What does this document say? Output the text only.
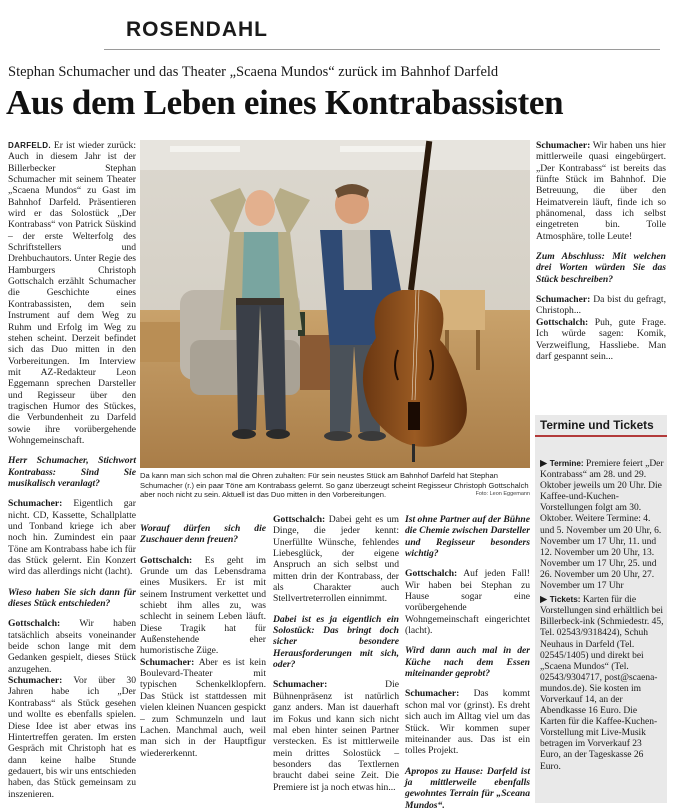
ROSENDAHL
Stephan Schumacher und das Theater „Scaena Mundos“ zurück im Bahnhof Darfeld
Aus dem Leben eines Kontrabassisten

DARFELD. Er ist wieder zurück: Auch in diesem Jahr ist der Billerbecker Stephan Schumacher mit seinem Theater „Scaena Mundos“ zu Gast im Bahnhof Darfeld. Präsentieren wird er das Solostück „Der Kontrabass“ von Patrick Süskind – der erste Welterfolg des Schriftstellers und Drehbuchautors. Unter Regie des Hamburgers Christoph Gottschalch erzählt Schumacher die Geschichte eines Kontrabassisten, dem sein Instrument auf dem Weg zu Ruhm und Erfolg im Weg zu stehen scheint. Derzeit befindet sich das Duo mitten in den Vorbereitungen. Im Interview mit AZ-Redakteur Leon Eggemann sprechen Darsteller und Regisseur über den tragischen Humor des Stückes, die Verbundenheit zu Darfeld sowie ihre vorübergehende Wohngemeinschaft.

Herr Schumacher, Stichwort Kontrabass: Sind Sie musikalisch veranlagt?

Schumacher: Eigentlich gar nicht. CD, Kassette, Schallplatte und Tonband kriege ich aber noch hin. Zumindest ein paar Töne am Kontrabass habe ich für das Stück gelernt. Ein Konzert wird das allerdings nicht (lacht).

Wieso haben Sie sich dann für dieses Stück entschieden?

Gottschalch: Wir haben tatsächlich abseits voneinander beide schon lange mit dem Gedanken gespielt, dieses Stück anzugehen.

Schumacher: Vor über 30 Jahren habe ich „Der Kontrabass“ als Stück gesehen und wollte es ebenfalls spielen. Diese Idee ist aber etwas ins Hintertreffen geraten. Im ersten Gespräch mit Christoph hat es dann keine halbe Stunde gedauert, bis wir uns entschieden haben, das Stück gemeinsam zu inszenieren.

Da kann man sich schon mal die Ohren zuhalten: Für sein neustes Stück am Bahnhof Darfeld hat Stephan Schumacher (r.) ein paar Töne am Kontrabass gelernt. So ganz überzeugt scheint Regisseur Christoph Gottschalch aber noch nicht zu sein. Aktuell ist das Duo mitten in den Vorbereitungen.	Foto: Leon Eggemann

Worauf dürfen sich die Zuschauer denn freuen?

Gottschalch: Es geht im Grunde um das Lebensdrama eines Musikers. Er ist mit seinem Instrument verkettet und schiebt ihm alles zu, was schlecht in seinem Leben läuft. Diese Tragik hat für Außenstehende eher humoristische Züge.

Schumacher: Aber es ist kein Boulevard-Theater mit typischen Schenkelklopfern. Das Stück ist stattdessen mit vielen kleinen Nuancen gespickt – zum Schmunzeln und laut Lachen. Manchmal auch, weil man sich in der Hauptfigur wiedererkennt.

Gottschalch: Dabei geht es um Dinge, die jeder kennt: Unerfüllte Wünsche, fehlendes Liebesglück, der eigene Anspruch an sich selbst und mitten drin der Kontrabass, der als Charakter auch Stellvertreterrollen einnimmt.

Dabei ist es ja eigentlich ein Solostück: Das bringt doch sicher besondere Herausforderungen mit sich, oder?

Schumacher:	Die Bühnenpräsenz ist natürlich ganz anders. Man ist dauerhaft im Fokus und kann sich nicht mal eben hinter seinen Partner verstecken. Es ist mittlerweile mein drittes Solostück – besonders das Textlernen braucht dabei seine Zeit. Die Premiere ist ja noch etwas hin...

Ist ohne Partner auf der Bühne die Chemie zwischen Darsteller und Regisseur besonders wichtig?

Gottschalch: Auf jeden Fall! Wir haben bei Stephan zu Hause sogar eine vorübergehende Wohngemeinschaft eingerichtet (lacht).

Wird dann auch mal in der Küche nach dem Essen miteinander geprobt?

Schumacher: Das kommt schon mal vor (grinst). Es dreht sich auch im Alltag viel um das Stück. Wir kommen super miteinander aus. Das ist ein tolles Projekt.

Apropos zu Hause: Darfeld ist ja mittlerweile ebenfalls gewohntes Terrain für „Sceana Mundos“.

Schumacher: Wir haben uns hier mittlerweile quasi eingebürgert. „Der Kontrabass“ ist bereits das fünfte Stück im Bahnhof. Die Betreuung, die über den Heimatverein läuft, finde ich so phänomenal, dass ich selbst eingetreten bin. Tolle Atmosphäre, tolle Leute!

Zum Abschluss: Mit welchen drei Worten würden Sie das Stück beschreiben?

Schumacher: Da bist du gefragt, Christoph...

Gottschalch: Puh, gute Frage. Ich würde sagen: Komik, Verzweiflung, Hassliebe. Man darf gespannt sein...

Termine und Tickets

▶ Termine: Premiere feiert „Der Kontrabass“ am 28. und 29. Oktober jeweils um 20 Uhr. Die Kaffee-und-Kuchen-Vorstellungen folgt am 30. Oktober. Weitere Termine: 4. und 5. November um 20 Uhr, 6. November um 17 Uhr, 11. und 12. November um 20 Uhr, 13. November um 17 Uhr, 25. und 26. November um 20 Uhr, 27. November um 17 Uhr

▶ Tickets: Karten für die Vorstellungen sind erhältlich bei Billerbeck-ink (Schmiedestr. 45, Tel. 02543/9318424), Schuh Neuhaus in Darfeld (Tel. 02545/1405) und direkt bei „Scaena Mundos“ (Tel. 02543/9304717, post@scaena-mundos.de). Sie kosten im Vorverkauf 14, an der Abendkasse 16 Euro. Die Karten für die Kaffee-Kuchen-Vorstellung mit Live-Musik betragen im Vorverkauf 23 Euro, an der Tageskasse 26 Euro.
